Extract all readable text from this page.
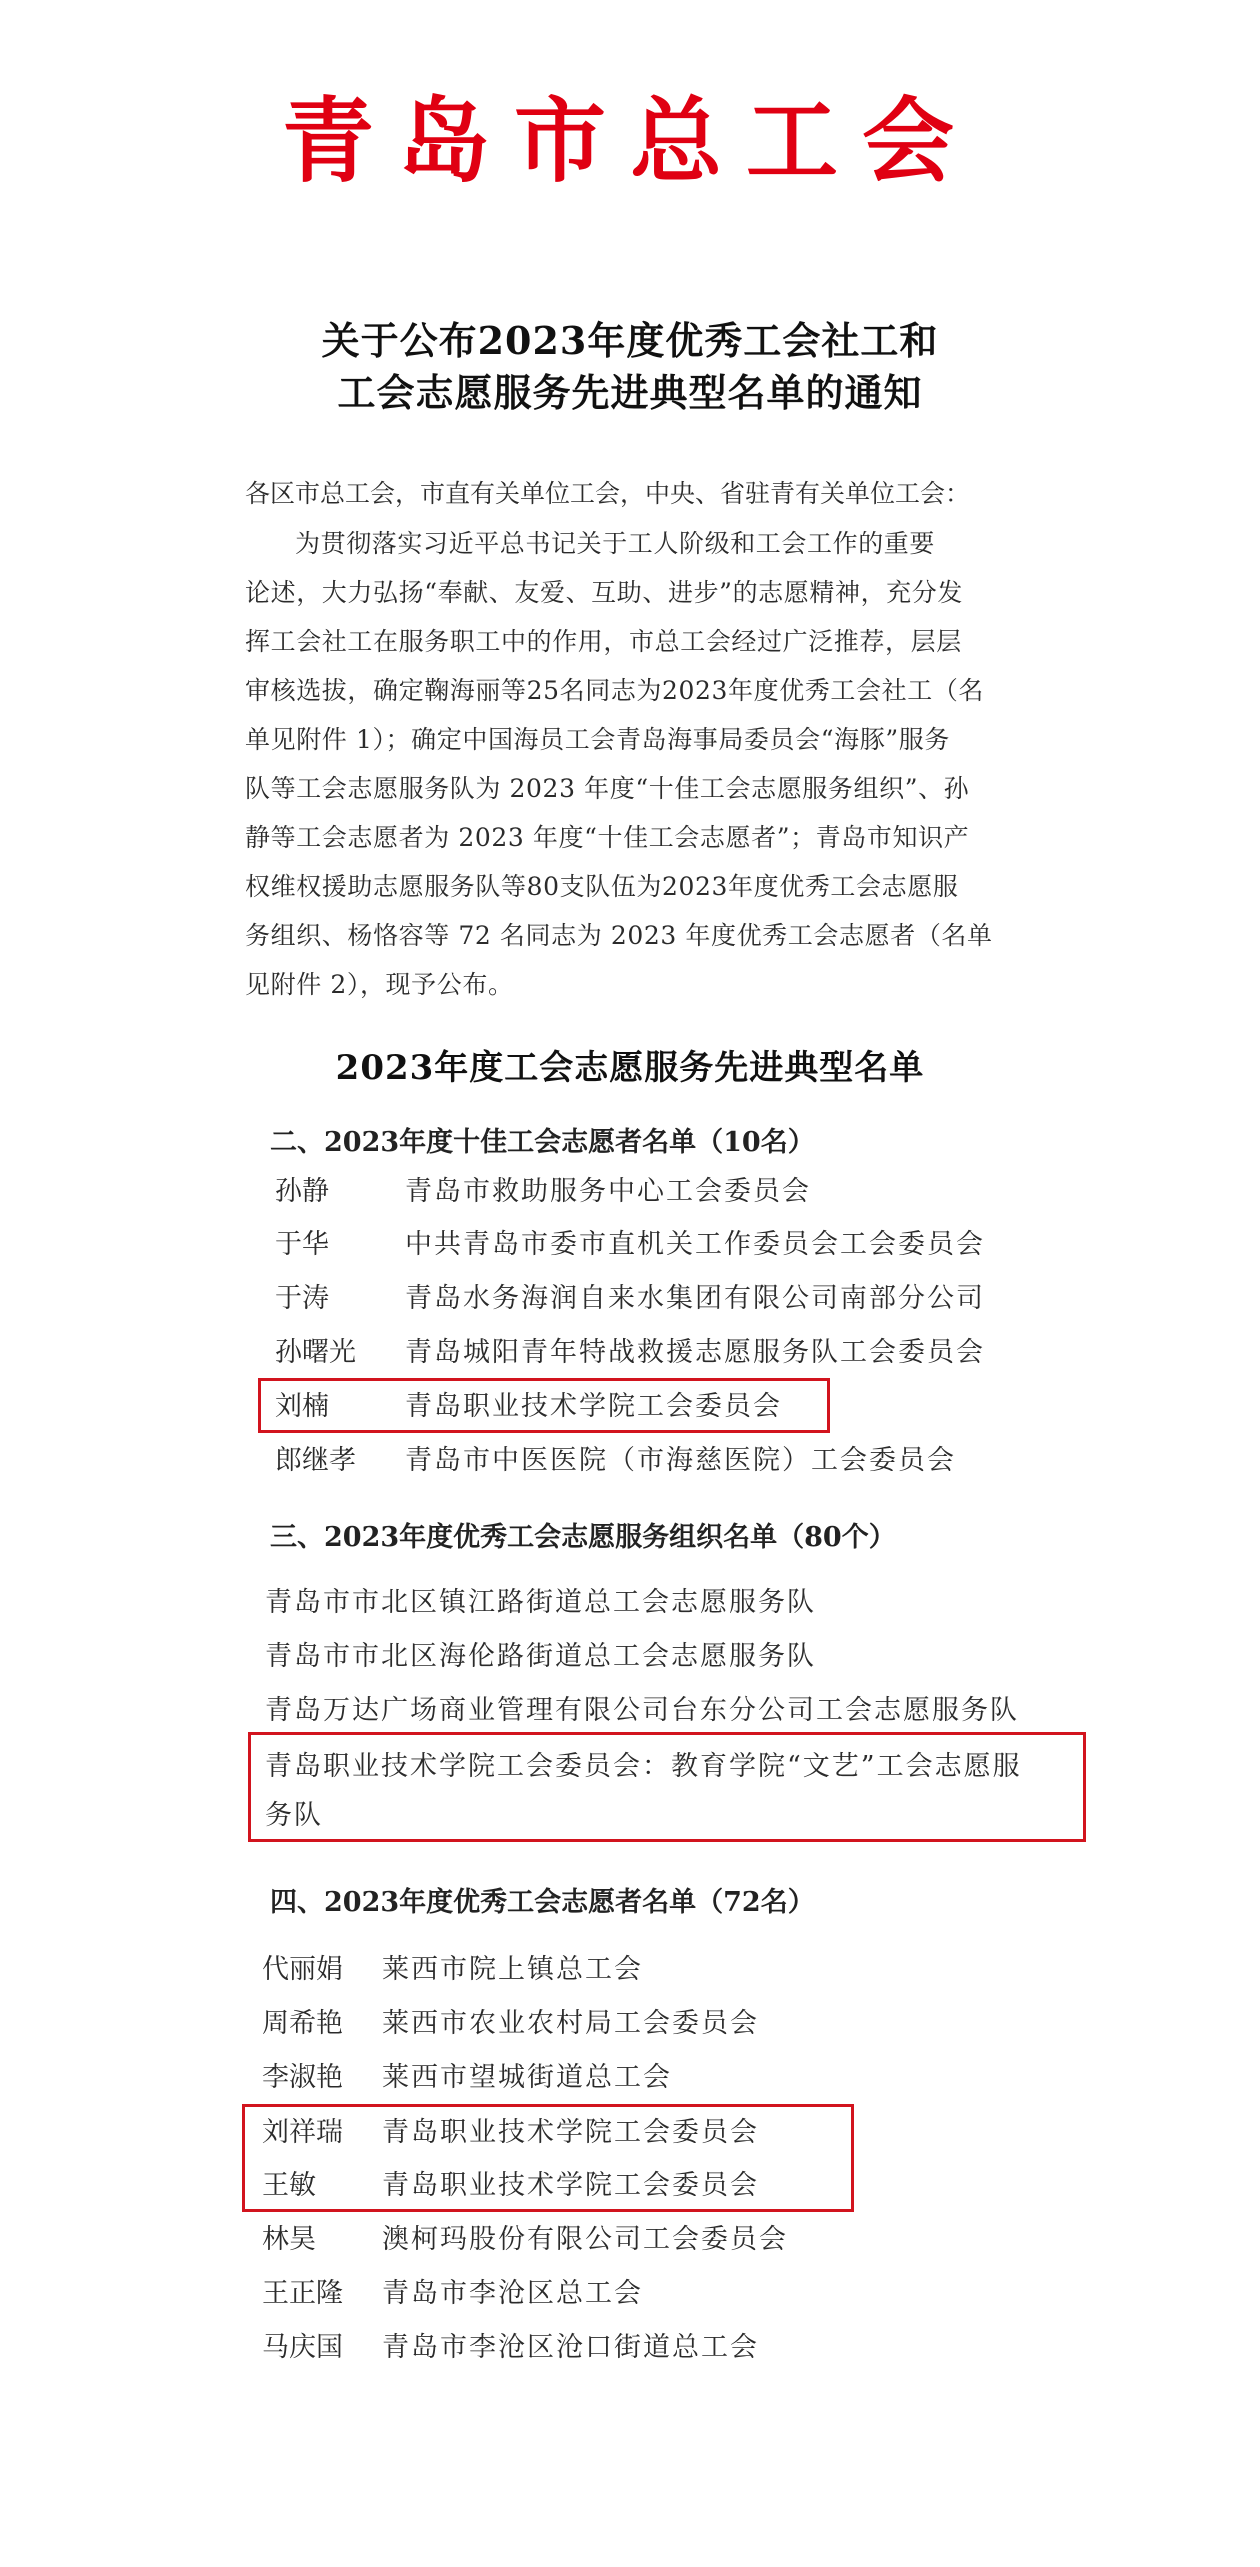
青岛市总工会
关于公布2023年度优秀工会社工和
工会志愿服务先进典型名单的通知
各区市总工会，市直有关单位工会，中央、省驻青有关单位工会：
为贯彻落实习近平总书记关于工人阶级和工会工作的重要
论述，大力弘扬“奉献、友爱、互助、进步”的志愿精神，充分发
挥工会社工在服务职工中的作用，市总工会经过广泛推荐，层层
审核选拔，确定鞠海丽等25名同志为2023年度优秀工会社工（名
单见附件 1）；确定中国海员工会青岛海事局委员会“海豚”服务
队等工会志愿服务队为 2023 年度“十佳工会志愿服务组织”、孙
静等工会志愿者为 2023 年度“十佳工会志愿者”；青岛市知识产
权维权援助志愿服务队等80支队伍为2023年度优秀工会志愿服
务组织、杨恪容等 72 名同志为 2023 年度优秀工会志愿者（名单
见附件 2），现予公布。
2023年度工会志愿服务先进典型名单
二、2023年度十佳工会志愿者名单（10名）
孙静	青岛市救助服务中心工会委员会
于华	中共青岛市委市直机关工作委员会工会委员会
于涛	青岛水务海润自来水集团有限公司南部分公司
孙曙光 青岛城阳青年特战救援志愿服务队工会委员会
刘楠	青岛职业技术学院工会委员会
郎继孝 青岛市中医医院（市海慈医院）工会委员会
三、2023年度优秀工会志愿服务组织名单（80个）
青岛市市北区镇江路街道总工会志愿服务队
青岛市市北区海伦路街道总工会志愿服务队
青岛万达广场商业管理有限公司台东分公司工会志愿服务队
青岛职业技术学院工会委员会：教育学院“文艺”工会志愿服
务队
四、2023年度优秀工会志愿者名单（72名）
代丽娟 莱西市院上镇总工会
周希艳 莱西市农业农村局工会委员会
李淑艳 莱西市望城街道总工会
刘祥瑞 青岛职业技术学院工会委员会
王敏 青岛职业技术学院工会委员会
林昊 澳柯玛股份有限公司工会委员会
王正隆 青岛市李沧区总工会
马庆国 青岛市李沧区沧口街道总工会
